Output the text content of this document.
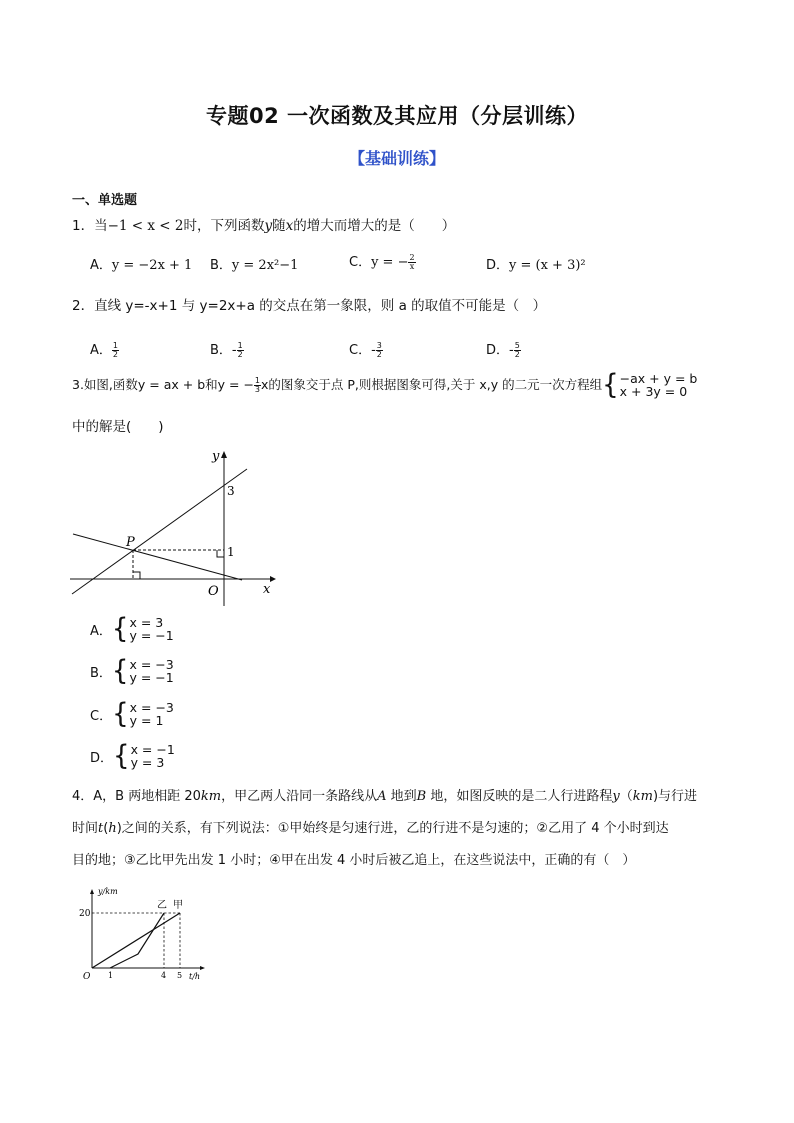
专题02 一次函数及其应用（分层训练）
【基础训练】
一、单选题
1．当−1 < x < 2时，下列函数y随x的增大而增大的是（　　）
A．y = −2x + 1 B．y = 2x²−1	C．y = − $\frac{2}{x}$	D．y = (x + 3)²
2．直线 y=-x+1 与 y=2x+a 的交点在第一象限，则 a 的取值不可能是（　）
A． $\frac{1}{2}$	B．- $\frac{1}{2}$	C．- $\frac{3}{2}$	D．- $\frac{5}{2}$
3.如图,函数y = ax + b和y = − $\frac{1}{3}$ x的图象交于点 P,则根据图象可得,关于 x,y 的二元一次方程组 { −ax + y = b
x + 3y = 0
中的解是(　　)
y
x
O
P
3
1
A． { x = 3
y = −1
B． { x = −3
y = −1
C． { x = −3
y = 1
D． { x = −1
y = 3
4．A，B 两地相距 20km，甲乙两人沿同一条路线从A 地到B 地，如图反映的是二人行进路程y（km)与行进
时间t(h)之间的关系，有下列说法：①甲始终是匀速行进，乙的行进不是匀速的；②乙用了 4 个小时到达
目的地；③乙比甲先出发 1 小时；④甲在出发 4 小时后被乙追上，在这些说法中，正确的有（　）
y/km
t/h
O
20
1	4 5
乙 甲
